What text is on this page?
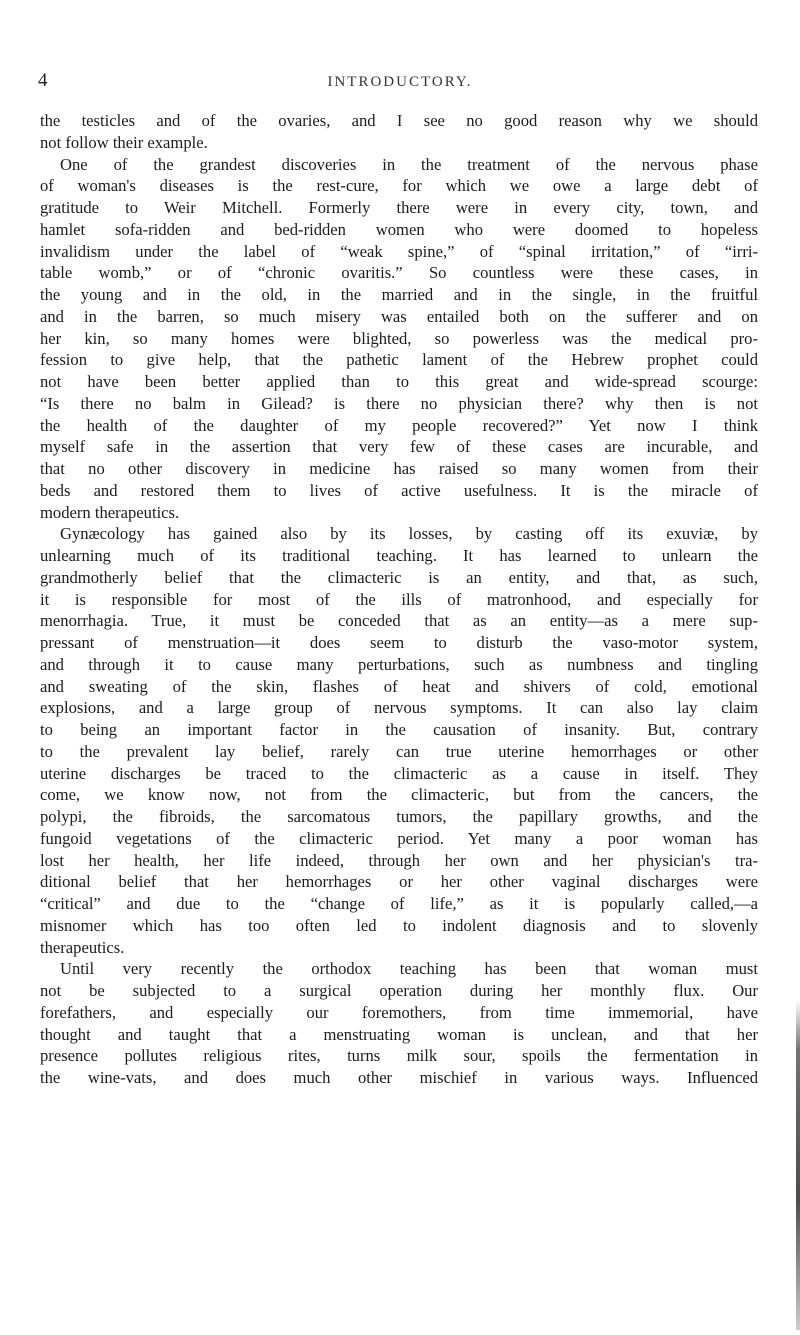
4	INTRODUCTORY.
the testicles and of the ovaries, and I see no good reason why we should
not follow their example.
One of the grandest discoveries in the treatment of the nervous phase
of woman's diseases is the rest-cure, for which we owe a large debt of
gratitude to Weir Mitchell. Formerly there were in every city, town, and
hamlet sofa-ridden and bed-ridden women who were doomed to hopeless
invalidism under the label of “weak spine,” of “spinal irritation,” of “irri-
table womb,” or of “chronic ovaritis.” So countless were these cases, in
the young and in the old, in the married and in the single, in the fruitful
and in the barren, so much misery was entailed both on the sufferer and on
her kin, so many homes were blighted, so powerless was the medical pro-
fession to give help, that the pathetic lament of the Hebrew prophet could
not have been better applied than to this great and wide-spread scourge:
“Is there no balm in Gilead? is there no physician there? why then is not
the health of the daughter of my people recovered?” Yet now I think
myself safe in the assertion that very few of these cases are incurable, and
that no other discovery in medicine has raised so many women from their
beds and restored them to lives of active usefulness. It is the miracle of
modern therapeutics.
Gynæcology has gained also by its losses, by casting off its exuviæ, by
unlearning much of its traditional teaching. It has learned to unlearn the
grandmotherly belief that the climacteric is an entity, and that, as such,
it is responsible for most of the ills of matronhood, and especially for
menorrhagia. True, it must be conceded that as an entity—as a mere sup-
pressant of menstruation—it does seem to disturb the vaso-motor system,
and through it to cause many perturbations, such as numbness and tingling
and sweating of the skin, flashes of heat and shivers of cold, emotional
explosions, and a large group of nervous symptoms. It can also lay claim
to being an important factor in the causation of insanity. But, contrary
to the prevalent lay belief, rarely can true uterine hemorrhages or other
uterine discharges be traced to the climacteric as a cause in itself. They
come, we know now, not from the climacteric, but from the cancers, the
polypi, the fibroids, the sarcomatous tumors, the papillary growths, and the
fungoid vegetations of the climacteric period. Yet many a poor woman has
lost her health, her life indeed, through her own and her physician's tra-
ditional belief that her hemorrhages or her other vaginal discharges were
“critical” and due to the “change of life,” as it is popularly called,—a
misnomer which has too often led to indolent diagnosis and to slovenly
therapeutics.
Until very recently the orthodox teaching has been that woman must
not be subjected to a surgical operation during her monthly flux. Our
forefathers, and especially our foremothers, from time immemorial, have
thought and taught that a menstruating woman is unclean, and that her
presence pollutes religious rites, turns milk sour, spoils the fermentation in
the wine-vats, and does much other mischief in various ways. Influenced
